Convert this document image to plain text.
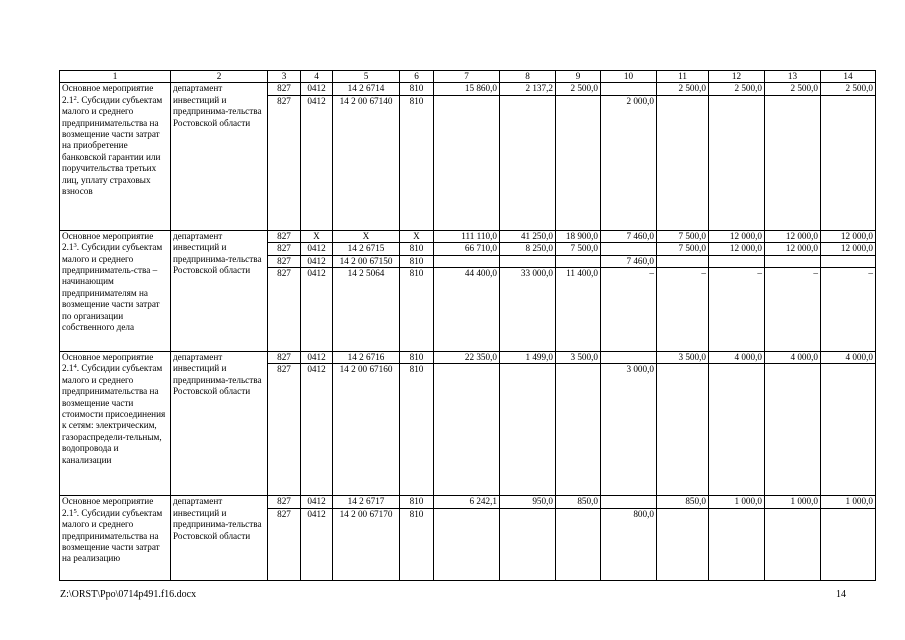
1	2	3	4	5	6	7	8	9	10	11	12	13	14
Основное мероприятие $2.1^2$. Субсидии субъектам малого и среднего предпринимательства на возмещение части затрат на приобретение банковской гарантии или поручительства третьих лиц, уплату страховых взносов	департамент инвестиций и предпринима-тельства Ростовской области	827	0412	14 2 6714	810	15 860,0	2 137,2	2 500,0		2 500,0	2 500,0	2 500,0	2 500,0
		827	0412	14 2 00 67140	810				2 000,0				
Основное мероприятие $2.1^3$. Субсидии субъектам малого и среднего предприниматель-ства – начинающим предпринимателям на возмещение части затрат по организации собственного дела	департамент инвестиций и предпринима-тельства Ростовской области	827	X	X	X	111 110,0	41 250,0	18 900,0	7 460,0	7 500,0	12 000,0	12 000,0	12 000,0
		827	0412	14 2 6715	810	66 710,0	8 250,0	7 500,0		7 500,0	12 000,0	12 000,0	12 000,0
		827	0412	14 2 00 67150	810				7 460,0				
		827	0412	14 2 5064	810	44 400,0	33 000,0	11 400,0	–	–	–	–	–
Основное мероприятие $2.1^4$. Субсидии субъектам малого и среднего предпринимательства на возмещение части стоимости присоединения к сетям: электрическим, газораспредели-тельным, водопровода и канализации	департамент инвестиций и предпринима-тельства Ростовской области	827	0412	14 2 6716	810	22 350,0	1 499,0	3 500,0		3 500,0	4 000,0	4 000,0	4 000,0
		827	0412	14 2 00 67160	810				3 000,0				
Основное мероприятие $2.1^5$. Субсидии субъектам малого и среднего предпринимательства на возмещение части затрат на реализацию	департамент инвестиций и предпринима-тельства Ростовской области	827	0412	14 2 6717	810	6 242,1	950,0	850,0		850,0	1 000,0	1 000,0	1 000,0
		827	0412	14 2 00 67170	810				800,0				
Z:\ORST\Ppo\0714p491.f16.docx	14
